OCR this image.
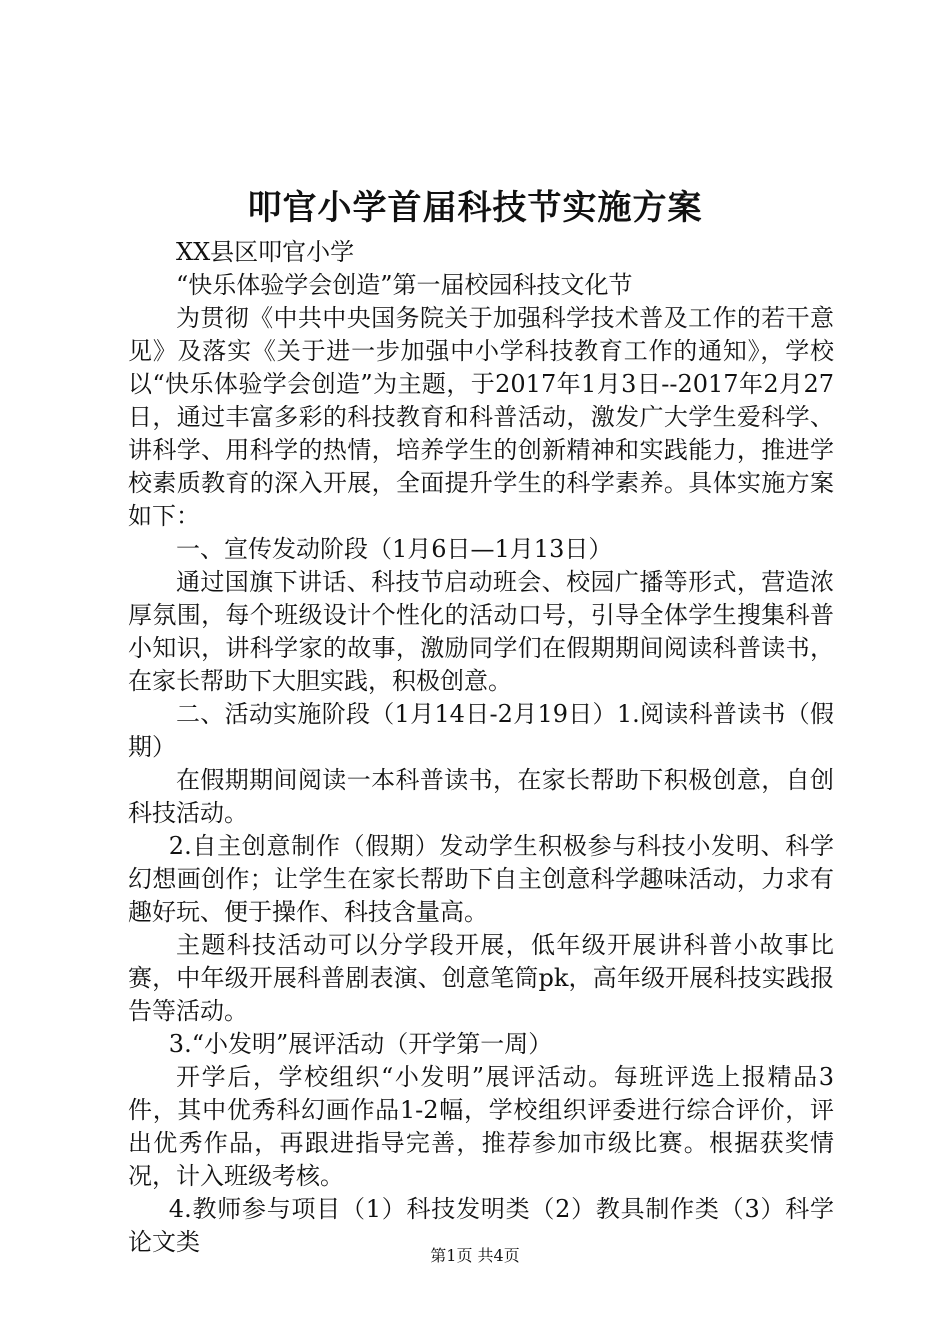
叩官小学首届科技节实施方案

XX县区叩官小学

“快乐体验学会创造”第一届校园科技文化节

为贯彻《中共中央国务院关于加强科学技术普及工作的若干意见》及落实《关于进一步加强中小学科技教育工作的通知》，学校以“快乐体验学会创造”为主题，于2017年1月3日--2017年2月27日，通过丰富多彩的科技教育和科普活动，激发广大学生爱科学、讲科学、用科学的热情，培养学生的创新精神和实践能力，推进学校素质教育的深入开展，全面提升学生的科学素养。具体实施方案如下：

一、宣传发动阶段（1月6日—1月13日）

通过国旗下讲话、科技节启动班会、校园广播等形式，营造浓厚氛围，每个班级设计个性化的活动口号，引导全体学生搜集科普小知识，讲科学家的故事，激励同学们在假期期间阅读科普读书，在家长帮助下大胆实践，积极创意。

二、活动实施阶段（1月14日-2月19日）1.阅读科普读书（假期）

在假期期间阅读一本科普读书，在家长帮助下积极创意，自创科技活动。

2.自主创意制作（假期）发动学生积极参与科技小发明、科学幻想画创作；让学生在家长帮助下自主创意科学趣味活动，力求有趣好玩、便于操作、科技含量高。

主题科技活动可以分学段开展，低年级开展讲科普小故事比赛，中年级开展科普剧表演、创意笔筒pk，高年级开展科技实践报告等活动。

3.“小发明”展评活动（开学第一周）

开学后，学校组织“小发明”展评活动。每班评选上报精品3件，其中优秀科幻画作品1-2幅，学校组织评委进行综合评价，评出优秀作品，再跟进指导完善，推荐参加市级比赛。根据获奖情况，计入班级考核。

4.教师参与项目（1）科技发明类（2）教具制作类（3）科学论文类	第1页 共4页
